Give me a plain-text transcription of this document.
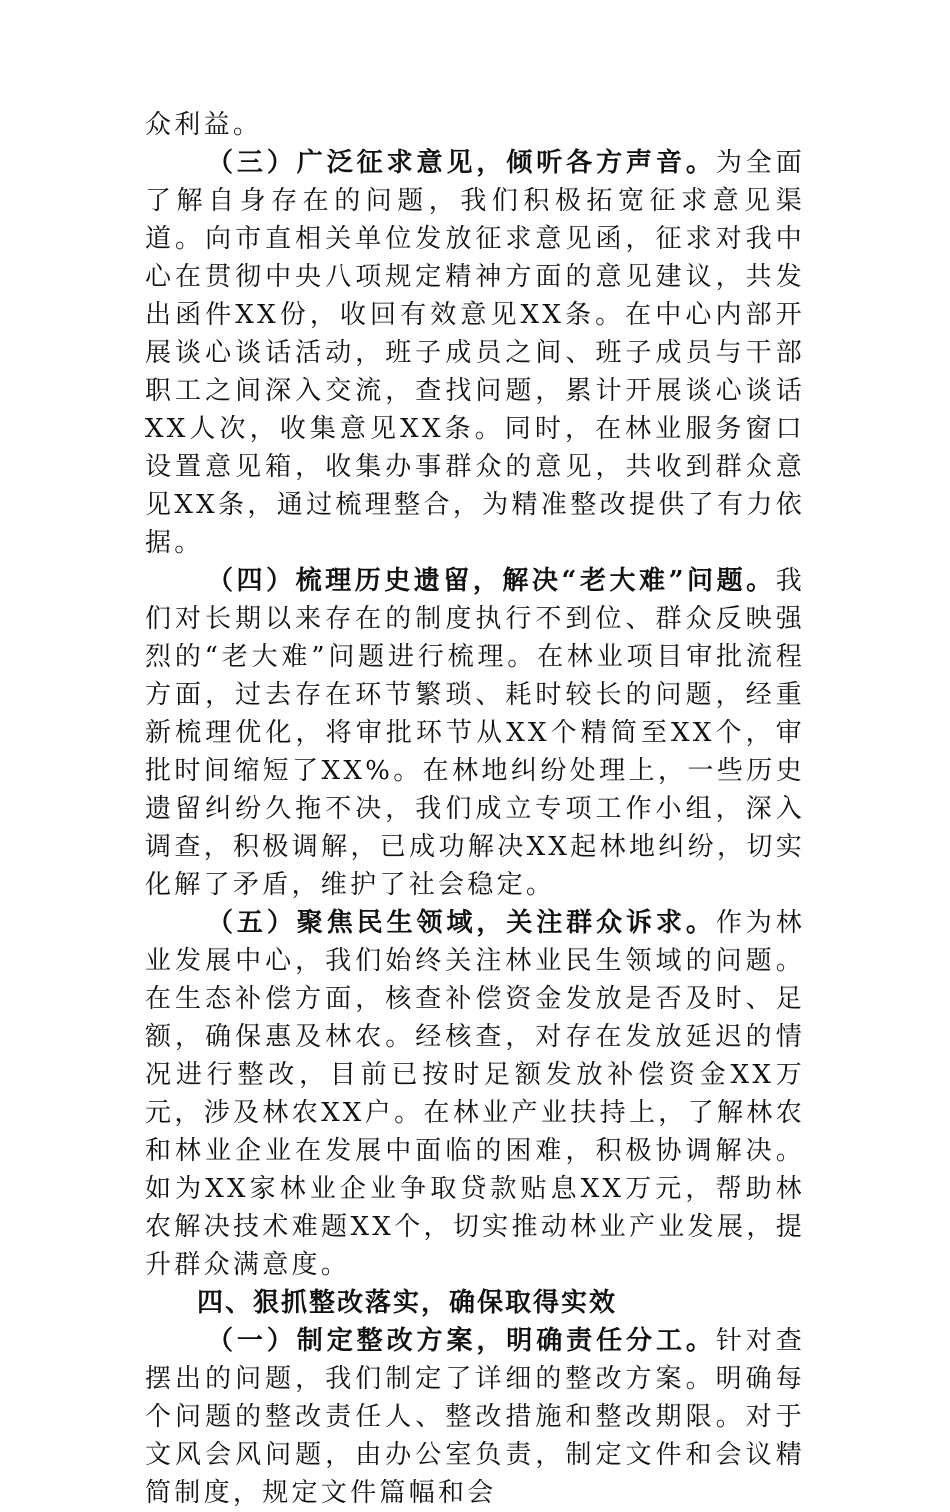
众利益。

（三）广泛征求意见，倾听各方声音。为全面了解自身存在的问题，我们积极拓宽征求意见渠道。向市直相关单位发放征求意见函，征求对我中心在贯彻中央八项规定精神方面的意见建议，共发出函件XX份，收回有效意见XX条。在中心内部开展谈心谈话活动，班子成员之间、班子成员与干部职工之间深入交流，查找问题，累计开展谈心谈话XX人次，收集意见XX条。同时，在林业服务窗口设置意见箱，收集办事群众的意见，共收到群众意见XX条，通过梳理整合，为精准整改提供了有力依据。

（四）梳理历史遗留，解决“老大难”问题。我们对长期以来存在的制度执行不到位、群众反映强烈的“老大难”问题进行梳理。在林业项目审批流程方面，过去存在环节繁琐、耗时较长的问题，经重新梳理优化，将审批环节从XX个精简至XX个，审批时间缩短了XX%。在林地纠纷处理上，一些历史遗留纠纷久拖不决，我们成立专项工作小组，深入调查，积极调解，已成功解决XX起林地纠纷，切实化解了矛盾，维护了社会稳定。

（五）聚焦民生领域，关注群众诉求。作为林业发展中心，我们始终关注林业民生领域的问题。在生态补偿方面，核查补偿资金发放是否及时、足额，确保惠及林农。经核查，对存在发放延迟的情况进行整改，目前已按时足额发放补偿资金XX万元，涉及林农XX户。在林业产业扶持上，了解林农和林业企业在发展中面临的困难，积极协调解决。如为XX家林业企业争取贷款贴息XX万元，帮助林农解决技术难题XX个，切实推动林业产业发展，提升群众满意度。

四、狠抓整改落实，确保取得实效

（一）制定整改方案，明确责任分工。针对查摆出的问题，我们制定了详细的整改方案。明确每个问题的整改责任人、整改措施和整改期限。对于文风会风问题，由办公室负责，制定文件和会议精简制度，规定文件篇幅和会
